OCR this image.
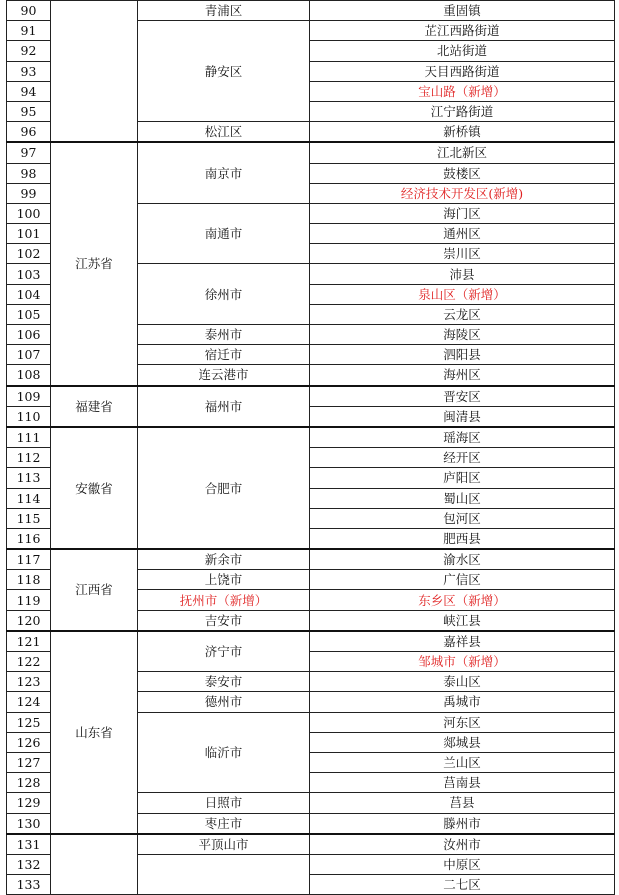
90		青浦区	重固镇
91		静安区	芷江西路街道
92			北站街道
93			天目西路街道
94			宝山路（新增）
95			江宁路街道
96		松江区	新桥镇
97	江苏省	南京市	江北新区
98			鼓楼区
99			经济技术开发区(新增)
100		南通市	海门区
101			通州区
102			崇川区
103		徐州市	沛县
104			泉山区（新增）
105			云龙区
106		泰州市	海陵区
107		宿迁市	泗阳县
108		连云港市	海州区
109	福建省	福州市	晋安区
110			闽清县
111	安徽省	合肥市	瑶海区
112			经开区
113			庐阳区
114			蜀山区
115			包河区
116			肥西县
117	江西省	新余市	渝水区
118		上饶市	广信区
119		抚州市（新增）	东乡区（新增）
120		吉安市	峡江县
121	山东省	济宁市	嘉祥县
122			邹城市（新增）
123		泰安市	泰山区
124		德州市	禹城市
125		临沂市	河东区
126			郯城县
127			兰山区
128			莒南县
129		日照市	莒县
130		枣庄市	滕州市
131		平顶山市	汝州市
132			中原区
133			二七区
